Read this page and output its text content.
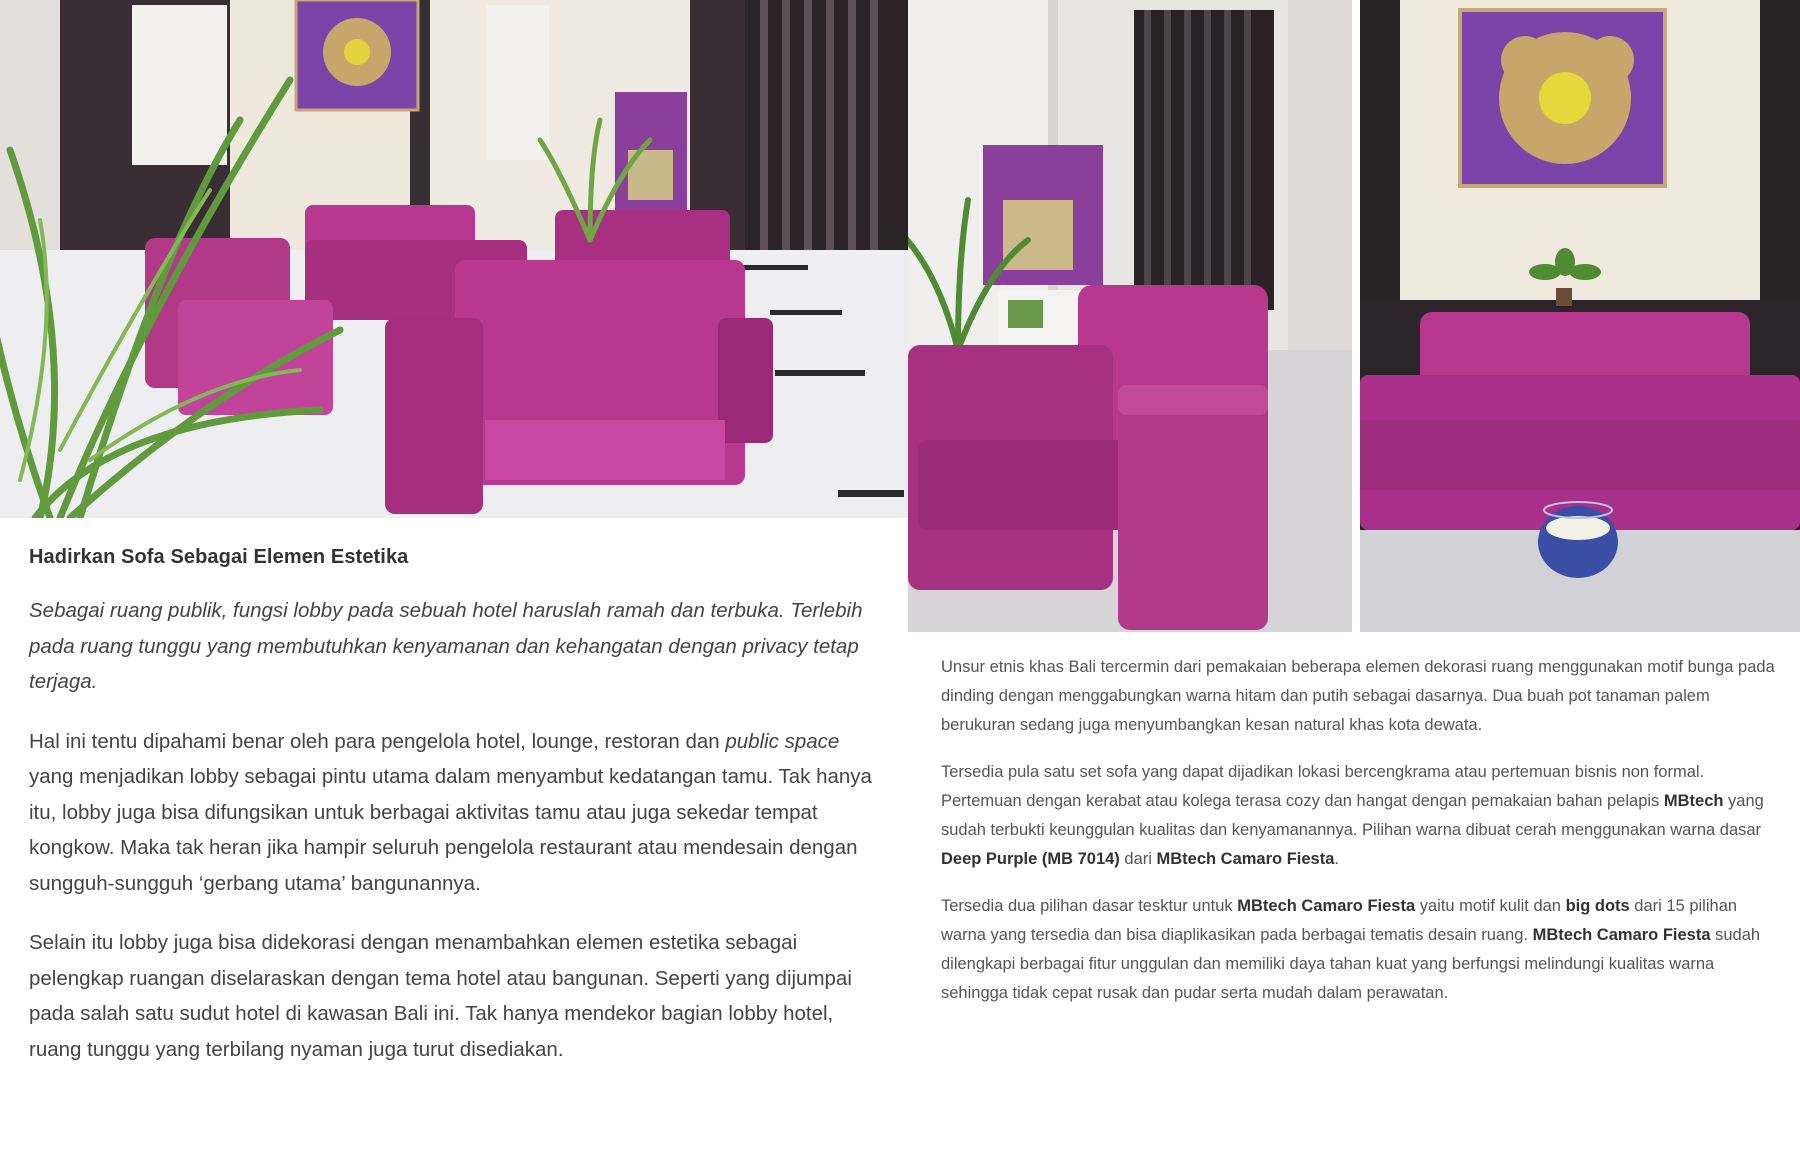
Hadirkan Sofa Sebagai Elemen Estetika

Sebagai ruang publik, fungsi lobby pada sebuah hotel haruslah ramah dan terbuka. Terlebih pada ruang tunggu yang membutuhkan kenyamanan dan kehangatan dengan privacy tetap terjaga.

Hal ini tentu dipahami benar oleh para pengelola hotel, lounge, restoran dan public space yang menjadikan lobby sebagai pintu utama dalam menyambut kedatangan tamu. Tak hanya itu, lobby juga bisa difungsikan untuk berbagai aktivitas tamu atau juga sekedar tempat kongkow. Maka tak heran jika hampir seluruh pengelola restaurant atau mendesain dengan sungguh-sungguh ‘gerbang utama’ bangunannya.

Selain itu lobby juga bisa didekorasi dengan menambahkan elemen estetika sebagai pelengkap ruangan diselaraskan dengan tema hotel atau bangunan. Seperti yang dijumpai pada salah satu sudut hotel di kawasan Bali ini. Tak hanya mendekor bagian lobby hotel, ruang tunggu yang terbilang nyaman juga turut disediakan.

Unsur etnis khas Bali tercermin dari pemakaian beberapa elemen dekorasi ruang menggunakan motif bunga pada dinding dengan menggabungkan warna hitam dan putih sebagai dasarnya. Dua buah pot tanaman palem berukuran sedang juga menyumbangkan kesan natural khas kota dewata.

Tersedia pula satu set sofa yang dapat dijadikan lokasi bercengkrama atau pertemuan bisnis non formal. Pertemuan dengan kerabat atau kolega terasa cozy dan hangat dengan pemakaian bahan pelapis MBtech yang sudah terbukti keunggulan kualitas dan kenyamanannya. Pilihan warna dibuat cerah menggunakan warna dasar Deep Purple (MB 7014) dari MBtech Camaro Fiesta.

Tersedia dua pilihan dasar tesktur untuk MBtech Camaro Fiesta yaitu motif kulit dan big dots dari 15 pilihan warna yang tersedia dan bisa diaplikasikan pada berbagai tematis desain ruang. MBtech Camaro Fiesta sudah dilengkapi berbagai fitur unggulan dan memiliki daya tahan kuat yang berfungsi melindungi kualitas warna sehingga tidak cepat rusak dan pudar serta mudah dalam perawatan.
